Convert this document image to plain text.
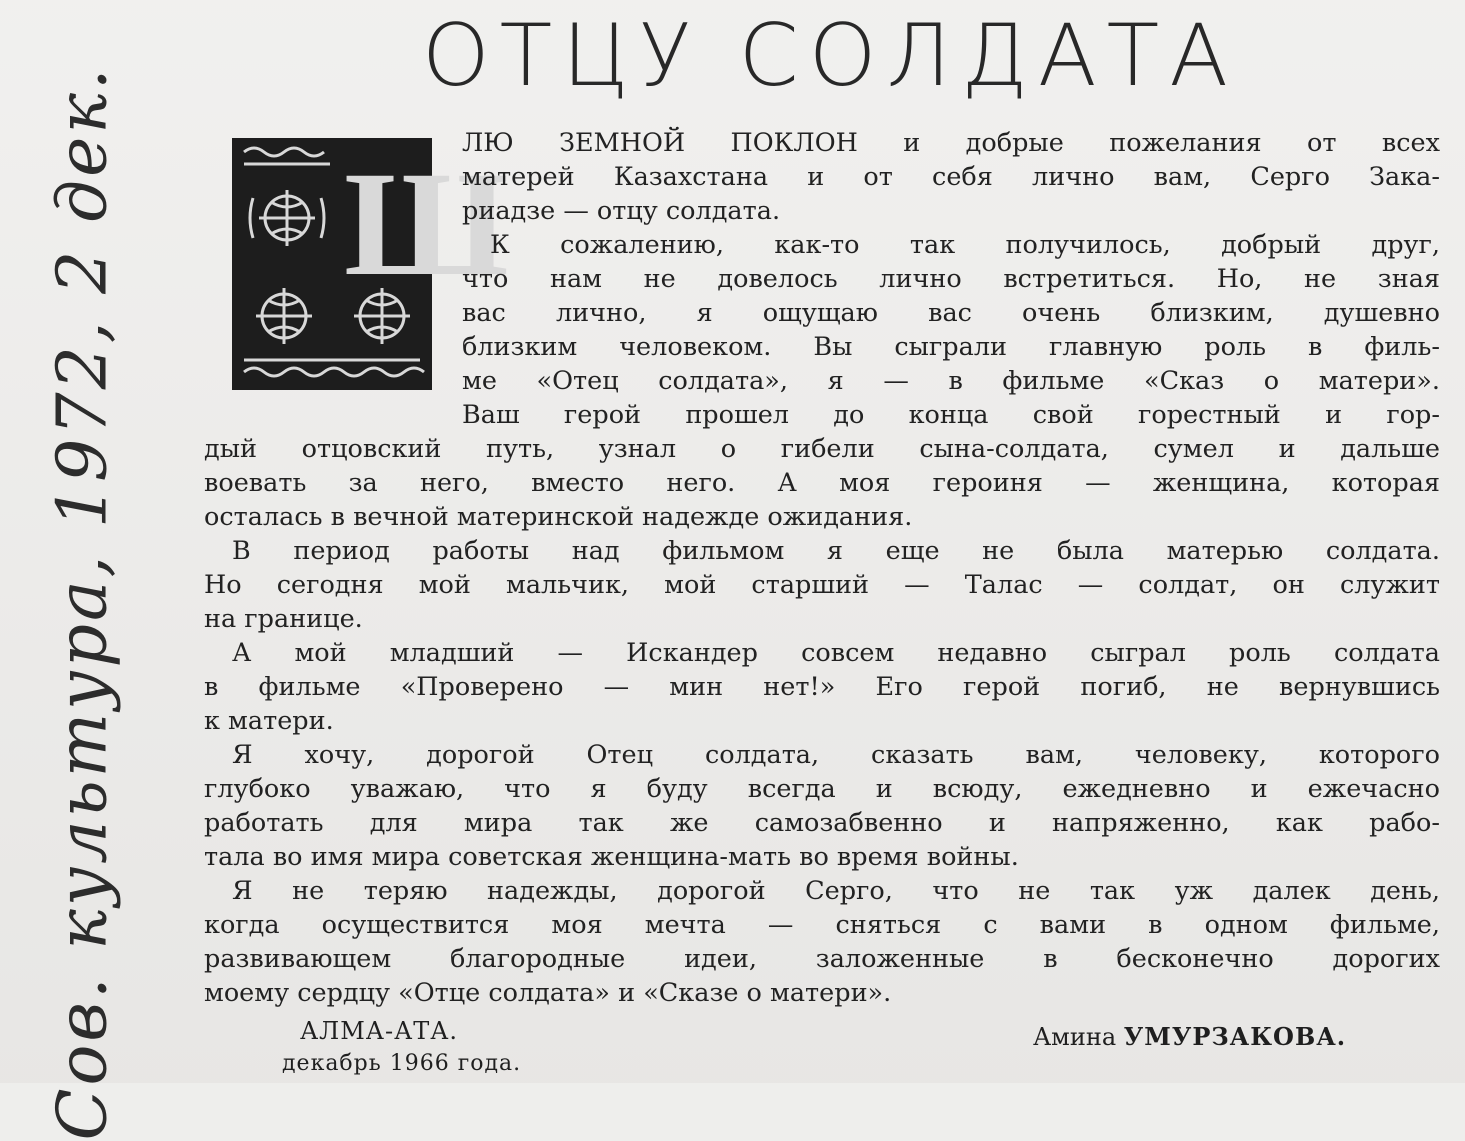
Сов. культура, 1972, 2 дек.
ОТЦУ СОЛДАТА
Ш
ЛЮ ЗЕМНОЙ ПОКЛОН и добрые пожелания от всех
матерей Казахстана и от себя лично вам, Серго Зака-
риадзе — отцу солдата.
К сожалению, как-то так получилось, добрый друг,
что нам не довелось лично встретиться. Но, не зная
вас лично, я ощущаю вас очень близким, душевно
близким человеком. Вы сыграли главную роль в филь-
ме «Отец солдата», я — в фильме «Сказ о матери».
Ваш герой прошел до конца свой горестный и гор-
дый отцовский путь, узнал о гибели сына-солдата, сумел и дальше
воевать за него, вместо него. А моя героиня — женщина, которая
осталась в вечной материнской надежде ожидания.
В период работы над фильмом я еще не была матерью солдата.
Но сегодня мой мальчик, мой старший — Талас — солдат, он служит
на границе.
А мой младший — Искандер совсем недавно сыграл роль солдата
в фильме «Проверено — мин нет!» Его герой погиб, не вернувшись
к матери.
Я хочу, дорогой Отец солдата, сказать вам, человеку, которого
глубоко уважаю, что я буду всегда и всюду, ежедневно и ежечасно
работать для мира так же самозабвенно и напряженно, как рабо-
тала во имя мира советская женщина-мать во время войны.
Я не теряю надежды, дорогой Серго, что не так уж далек день,
когда осуществится моя мечта — сняться с вами в одном фильме,
развивающем благородные идеи, заложенные в бесконечно дорогих
моему сердцу «Отце солдата» и «Сказе о матери».
АЛМА-АТА.
декабрь 1966 года.
Амина УМУРЗАКОВА.
